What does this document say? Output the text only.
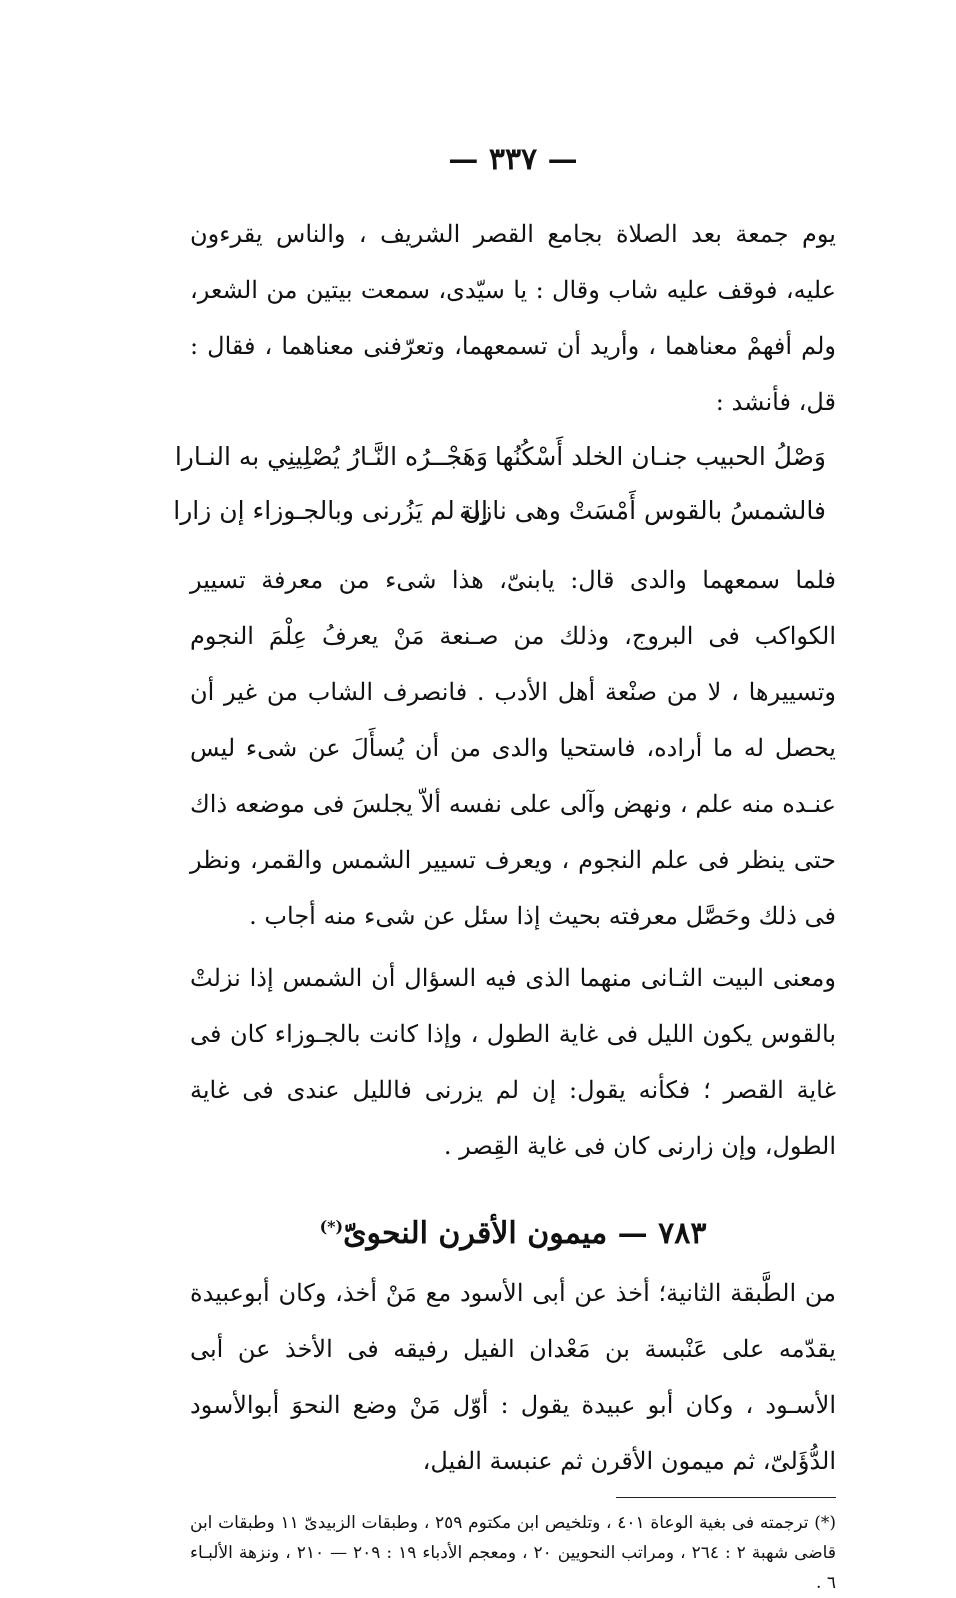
— ٣٣٧ —

يوم جمعة بعد الصلاة بجامع القصر الشريف ، والناس يقرءون عليه، فوقف عليه شاب وقال : يا سيّدى، سمعت بيتين من الشعر، ولم أفهمْ معناهما ، وأريد أن تسمعهما، وتعرّفنى معناهما ، فقال : قل، فأنشد :

وَصْلُ الحبيب جنـان الخلد أَسْكُنُها
وَهَجْــرُه النَّـارُ يُصْلِينِي به النـارا
فالشمسُ بالقوس أَمْسَتْ وهى نازلة
إن لم يَزُرنى وبالجـوزاء إن زارا

فلما سمعهما والدى قال: يابنىّ، هذا شىء من معرفة تسيير الكواكب فى البروج، وذلك من صـنعة مَنْ يعرفُ عِلْمَ النجوم وتسييرها ، لا من صنْعة أهل الأدب . فانصرف الشاب من غير أن يحصل له ما أراده، فاستحيا والدى من أن يُسأَلَ عن شىء ليس عنـده منه علم ، ونهض وآلى على نفسه ألاّ يجلسَ فى موضعه ذاك حتى ينظر فى علم النجوم ، ويعرف تسيير الشمس والقمر، ونظر فى ذلك وحَصَّل معرفته بحيث إذا سئل عن شىء منه أجاب .

ومعنى البيت الثـانى منهما الذى فيه السؤال أن الشمس إذا نزلتْ بالقوس يكون الليل فى غاية الطول ، وإذا كانت بالجـوزاء كان فى غاية القصر ؛ فكأنه يقول: إن لم يزرنى فالليل عندى فى غاية الطول، وإن زارنى كان فى غاية القِصر .

٧٨٣ — ميمون الأقرن النحوىّ(*)

من الطَّبقة الثانية؛ أخذ عن أبى الأسود مع مَنْ أخذ، وكان أبوعبيدة يقدّمه على عَنْبسة بن مَعْدان الفيل رفيقه فى الأخذ عن أبى الأسـود ، وكان أبو عبيدة يقول : أوّل مَنْ وضع النحوَ أبوالأسود الدُّؤَلىّ، ثم ميمون الأقرن ثم عنبسة الفيل،

(*) ترجمته فى بغية الوعاة ٤٠١ ، وتلخيص ابن مكتوم ٢٥٩ ، وطبقات الزبيدىّ ١١ وطبقات ابن قاضى شهبة ٢ : ٢٦٤ ، ومراتب النحويين ٢٠ ، ومعجم الأدباء ١٩ : ٢٠٩ — ٢١٠ ، ونزهة الألبـاء ٦ .
